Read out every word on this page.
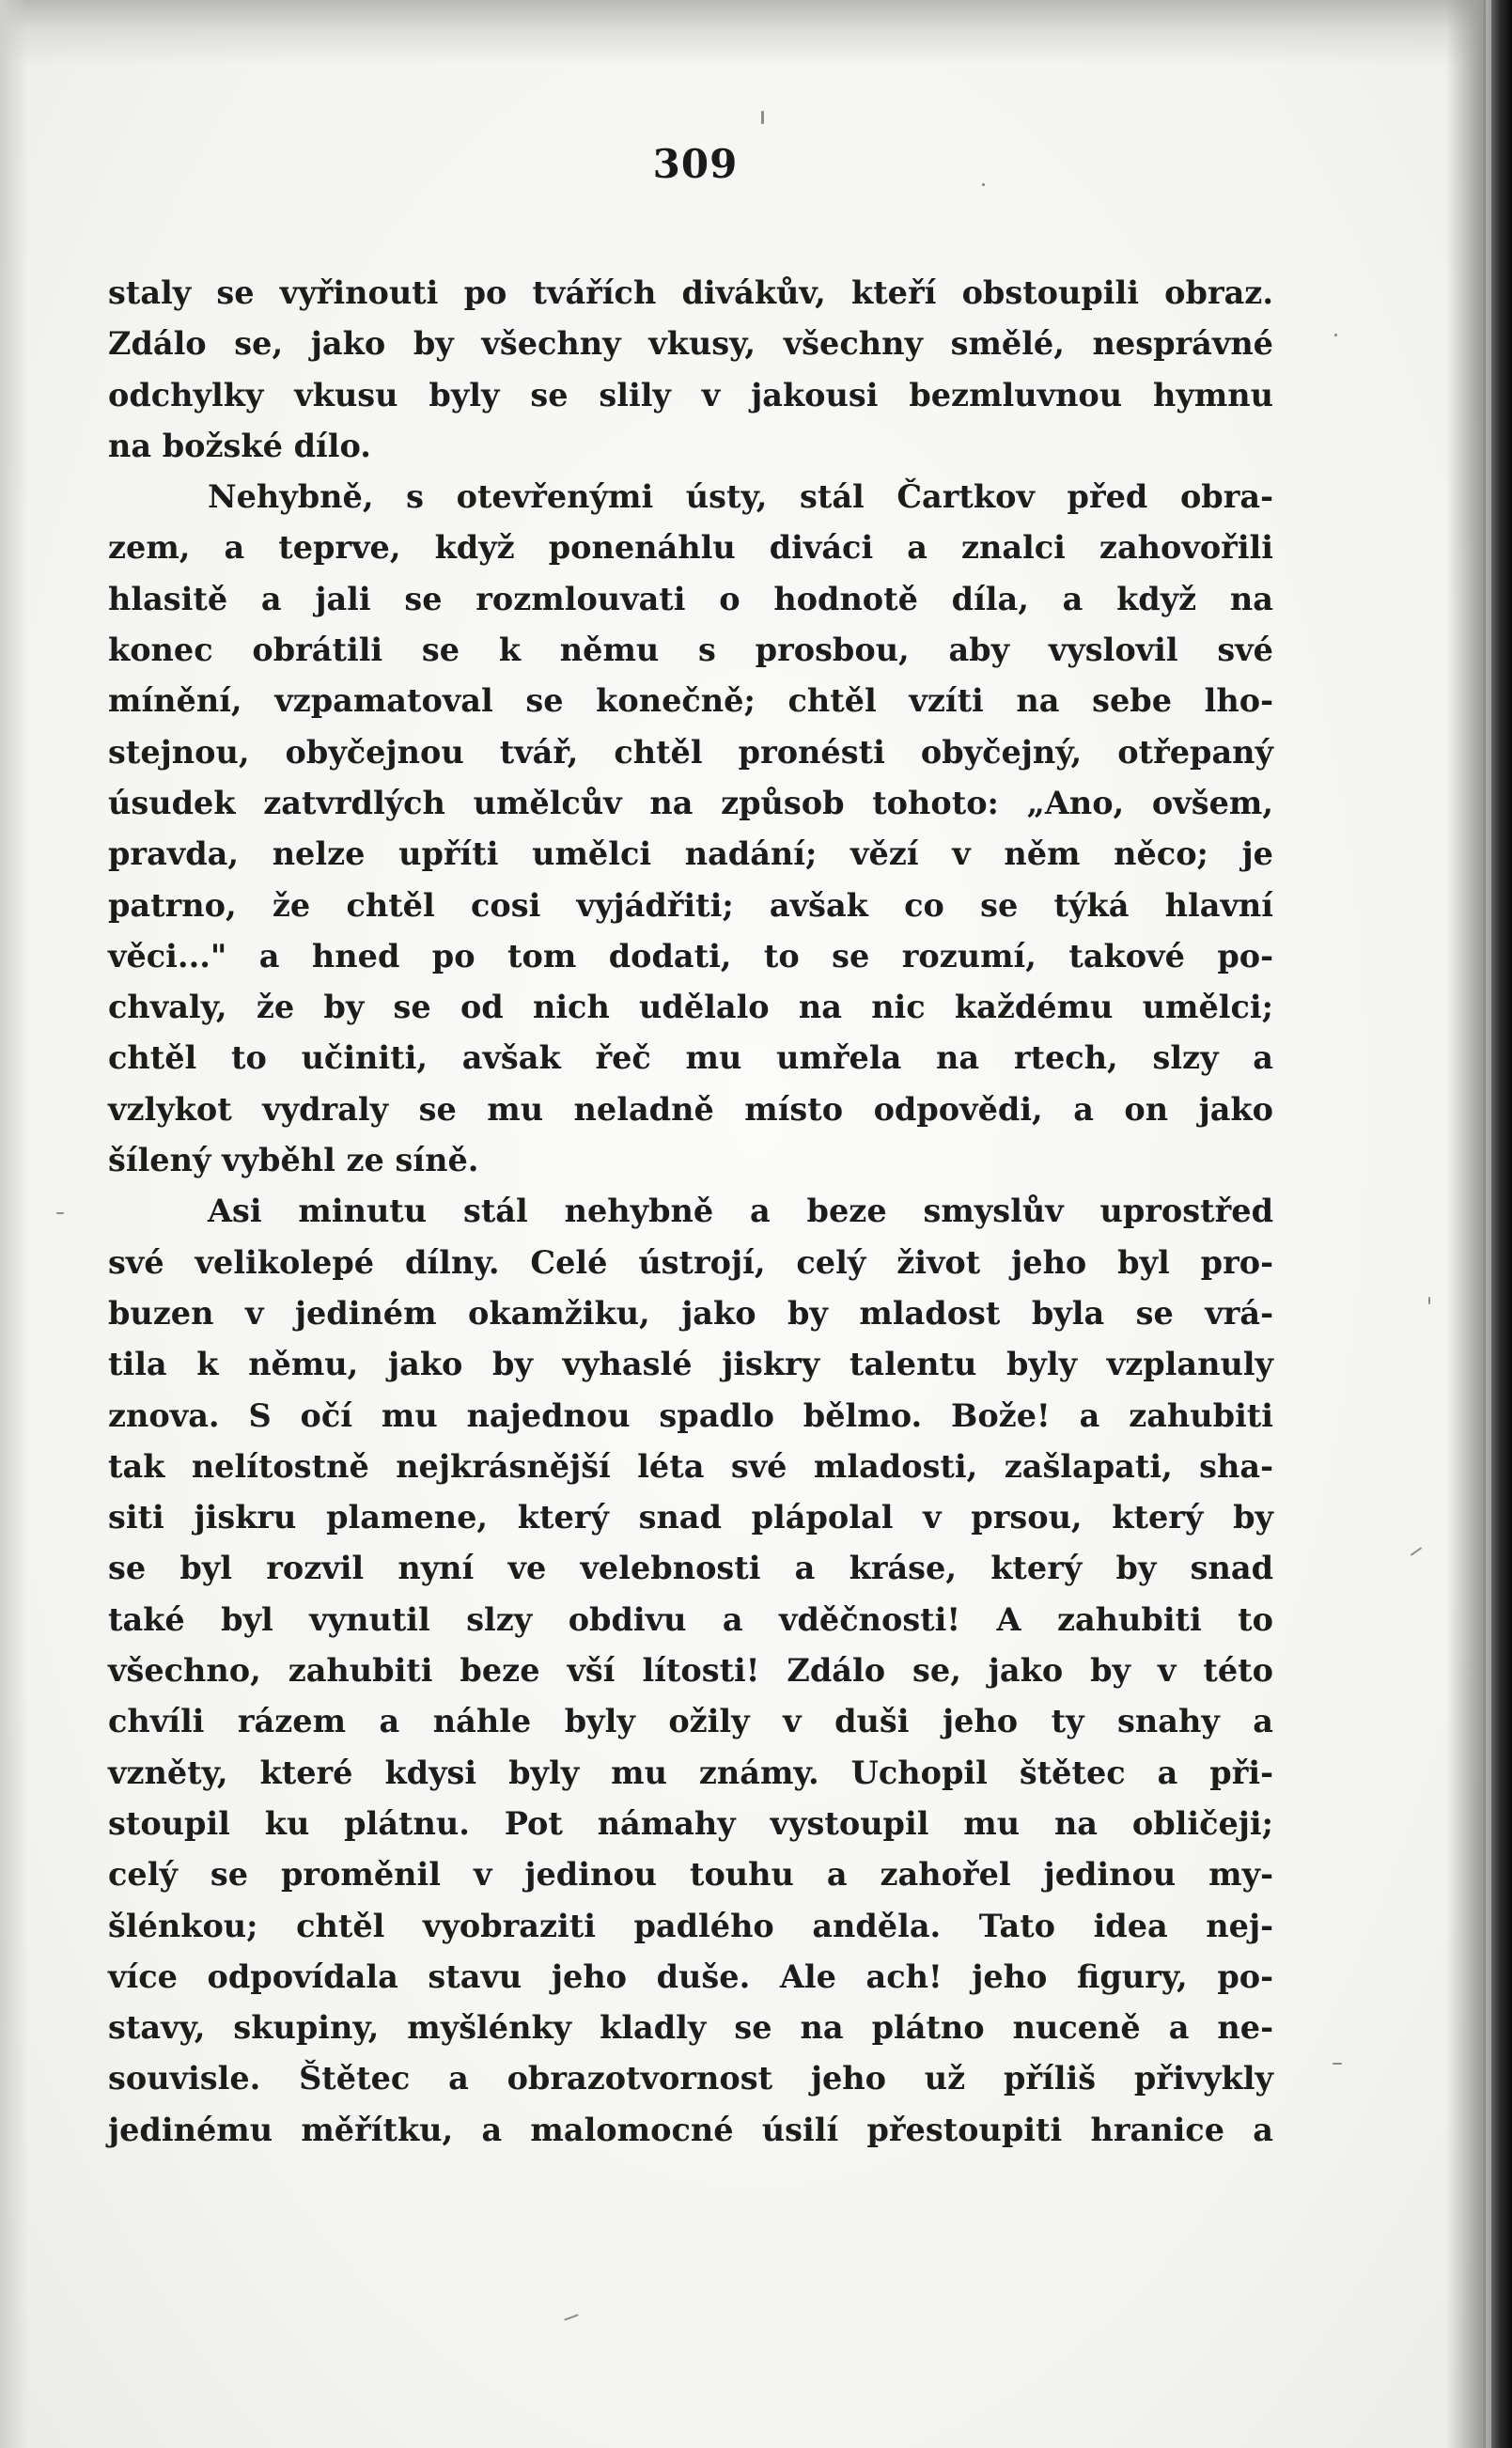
309
staly se vyřinouti po tvářích divákův, kteří obstoupili obraz.
Zdálo se, jako by všechny vkusy, všechny smělé, nesprávné
odchylky vkusu byly se slily v jakousi bezmluvnou hymnu
na božské dílo.
Nehybně, s otevřenými ústy, stál Čartkov před obra-
zem, a teprve, když ponenáhlu diváci a znalci zahovořili
hlasitě a jali se rozmlouvati o hodnotě díla, a když na
konec obrátili se k němu s prosbou, aby vyslovil své
mínění, vzpamatoval se konečně; chtěl vzíti na sebe lho-
stejnou, obyčejnou tvář, chtěl pronésti obyčejný, otřepaný
úsudek zatvrdlých umělcův na způsob tohoto: „Ano, ovšem,
pravda, nelze upříti umělci nadání; vězí v něm něco; je
patrno, že chtěl cosi vyjádřiti; avšak co se týká hlavní
věci..." a hned po tom dodati, to se rozumí, takové po-
chvaly, že by se od nich udělalo na nic každému umělci;
chtěl to učiniti, avšak řeč mu umřela na rtech, slzy a
vzlykot vydraly se mu neladně místo odpovědi, a on jako
šílený vyběhl ze síně.
Asi minutu stál nehybně a beze smyslův uprostřed
své velikolepé dílny. Celé ústrojí, celý život jeho byl pro-
buzen v jediném okamžiku, jako by mladost byla se vrá-
tila k němu, jako by vyhaslé jiskry talentu byly vzplanuly
znova. S očí mu najednou spadlo bělmo. Bože! a zahubiti
tak nelítostně nejkrásnější léta své mladosti, zašlapati, sha-
siti jiskru plamene, který snad plápolal v prsou, který by
se byl rozvil nyní ve velebnosti a kráse, který by snad
také byl vynutil slzy obdivu a vděčnosti! A zahubiti to
všechno, zahubiti beze vší lítosti! Zdálo se, jako by v této
chvíli rázem a náhle byly ožily v duši jeho ty snahy a
vzněty, které kdysi byly mu známy. Uchopil štětec a při-
stoupil ku plátnu. Pot námahy vystoupil mu na obličeji;
celý se proměnil v jedinou touhu a zahořel jedinou my-
šlénkou; chtěl vyobraziti padlého anděla. Tato idea nej-
více odpovídala stavu jeho duše. Ale ach! jeho figury, po-
stavy, skupiny, myšlénky kladly se na plátno nuceně a ne-
souvisle. Štětec a obrazotvornost jeho už příliš přivykly
jedinému měřítku, a malomocné úsilí přestoupiti hranice a
